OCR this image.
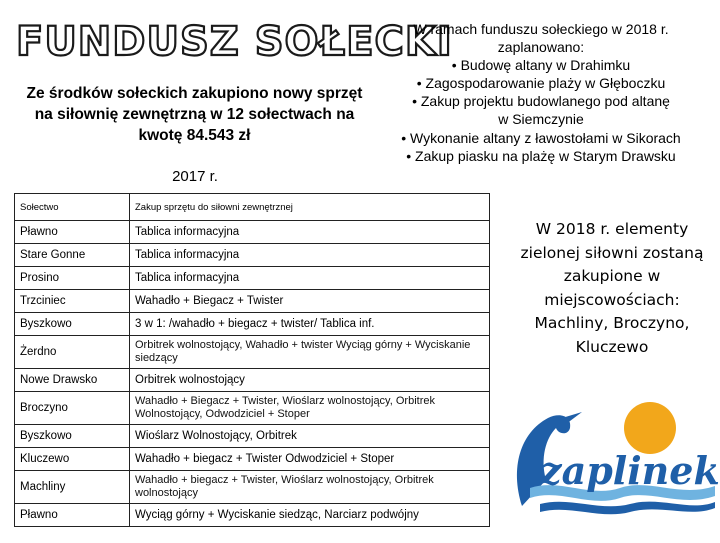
FUNDUSZ SOŁECKI
Ze środków sołeckich zakupiono nowy sprzęt na siłownię zewnętrzną w 12 sołectwach na kwotę 84.543 zł
2017 r.
W ramach funduszu sołeckiego w 2018 r.
zaplanowano:
• Budowę altany w Drahimku
• Zagospodarowanie plaży w Głęboczku
• Zakup projektu budowlanego pod altanę
w Siemczynie
• Wykonanie altany z ławostołami w Sikorach
• Zakup piasku na plażę w Starym Drawsku
W 2018 r. elementy zielonej siłowni zostaną zakupione w miejscowościach: Machliny, Broczyno, Kluczewo
Sołectwo	Zakup sprzętu do siłowni zewnętrznej
Pławno	Tablica informacyjna
Stare Gonne	Tablica informacyjna
Prosino	Tablica informacyjna
Trzciniec	Wahadło + Biegacz + Twister
Byszkowo	3 w 1: /wahadło + biegacz + twister/ Tablica inf.
Żerdno	Orbitrek wolnostojący, Wahadło + twister Wyciąg górny + Wyciskanie siedzący
Nowe Drawsko	Orbitrek wolnostojący
Broczyno	Wahadło + Biegacz + Twister, Wioślarz wolnostojący, Orbitrek Wolnostojący, Odwodziciel + Stoper
Byszkowo	Wioślarz Wolnostojący, Orbitrek
Kluczewo	Wahadło + biegacz + Twister Odwodziciel + Stoper
Machliny	Wahadło + biegacz + Twister, Wioślarz wolnostojący, Orbitrek wolnostojący
Pławno	Wyciąg górny + Wyciskanie siedząc, Narciarz podwójny
zaplinek
